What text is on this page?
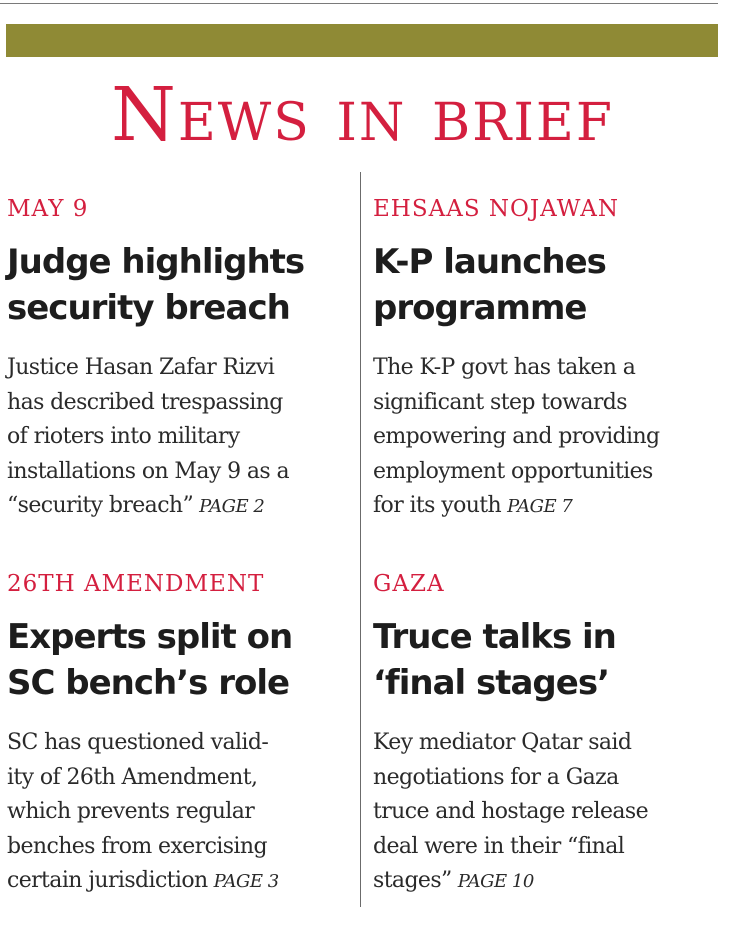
News in brief
MAY 9
Judge highlights
security breach
Justice Hasan Zafar Rizvi
has described trespassing
of rioters into military
installations on May 9 as a
“security breach” PAGE 2
EHSAAS NOJAWAN
K-P launches
programme
The K-P govt has taken a
significant step towards
empowering and providing
employment opportunities
for its youth PAGE 7
26TH AMENDMENT
Experts split on
SC bench’s role
SC has questioned valid-
ity of 26th Amendment,
which prevents regular
benches from exercising
certain jurisdiction PAGE 3
GAZA
Truce talks in
‘final stages’
Key mediator Qatar said
negotiations for a Gaza
truce and hostage release
deal were in their “final
stages” PAGE 10
